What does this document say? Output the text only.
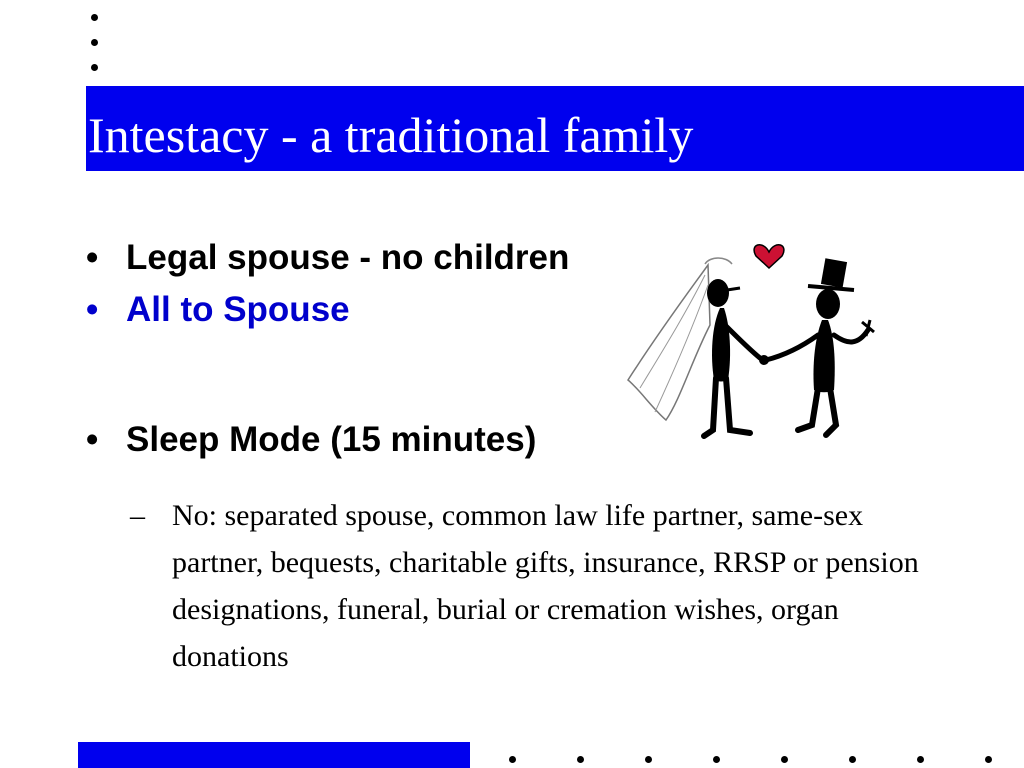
Intestacy - a traditional family
• Legal spouse - no children
• All to Spouse
• Sleep Mode (15 minutes)
– No: separated spouse, common law life partner, same-sex partner, bequests, charitable gifts, insurance, RRSP or pension designations, funeral, burial or cremation wishes, organ donations
